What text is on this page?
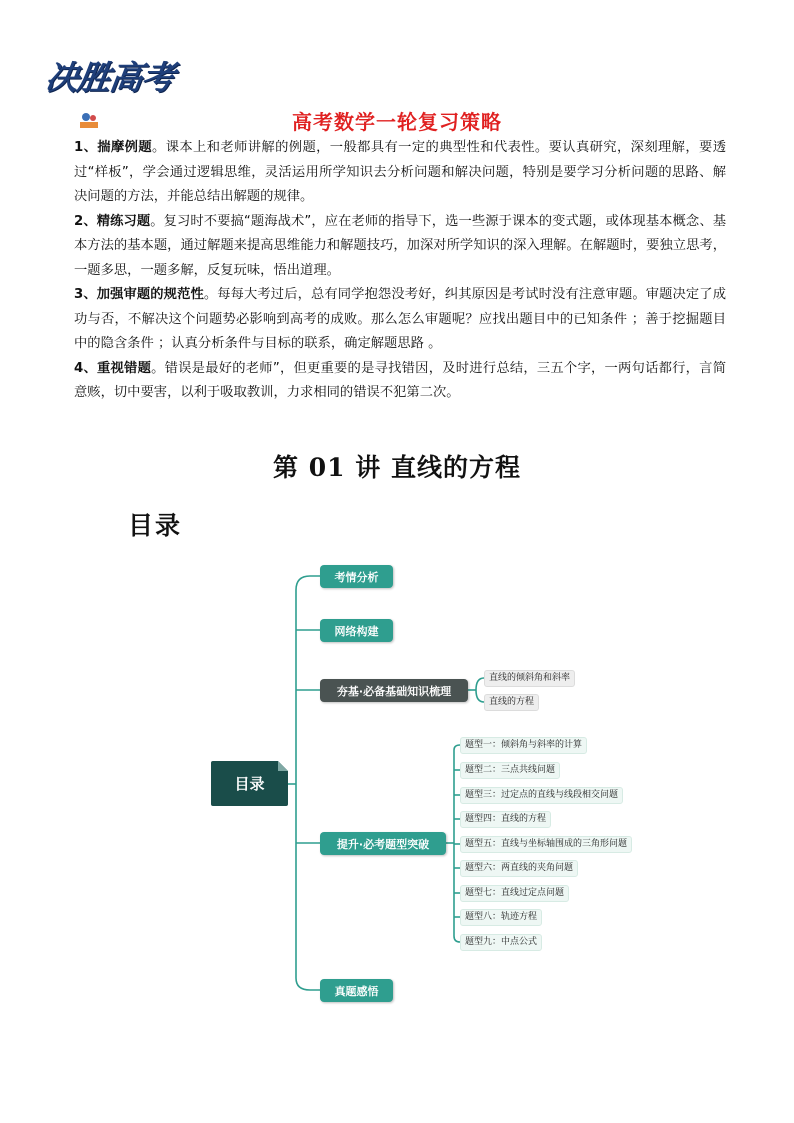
决胜高考
高考数学一轮复习策略

1、揣摩例题。课本上和老师讲解的例题，一般都具有一定的典型性和代表性。要认真研究，深刻理解，要透过“样板”，学会通过逻辑思维，灵活运用所学知识去分析问题和解决问题，特别是要学习分析问题的思路、解决问题的方法，并能总结出解题的规律。

2、精练习题。复习时不要搞“题海战术”，应在老师的指导下，选一些源于课本的变式题，或体现基本概念、基本方法的基本题，通过解题来提高思维能力和解题技巧，加深对所学知识的深入理解。在解题时，要独立思考，一题多思，一题多解，反复玩味，悟出道理。

3、加强审题的规范性。每每大考过后，总有同学抱怨没考好，纠其原因是考试时没有注意审题。审题决定了成功与否，不解决这个问题势必影响到高考的成败。那么怎么审题呢？应找出题目中的已知条件 ；善于挖掘题目中的隐含条件 ；认真分析条件与目标的联系，确定解题思路 。

4、重视错题。错误是最好的老师”，但更重要的是寻找错因，及时进行总结，三五个字，一两句话都行，言简意赅，切中要害，以利于吸取教训，力求相同的错误不犯第二次。

第 01 讲 直线的方程
目录
目录
考情分析
网络构建
夯基·必备基础知识梳理
提升·必考题型突破
真题感悟
直线的倾斜角和斜率
直线的方程
题型一：倾斜角与斜率的计算
题型二：三点共线问题
题型三：过定点的直线与线段相交问题
题型四：直线的方程
题型五：直线与坐标轴围成的三角形问题
题型六：两直线的夹角问题
题型七：直线过定点问题
题型八：轨迹方程
题型九：中点公式
